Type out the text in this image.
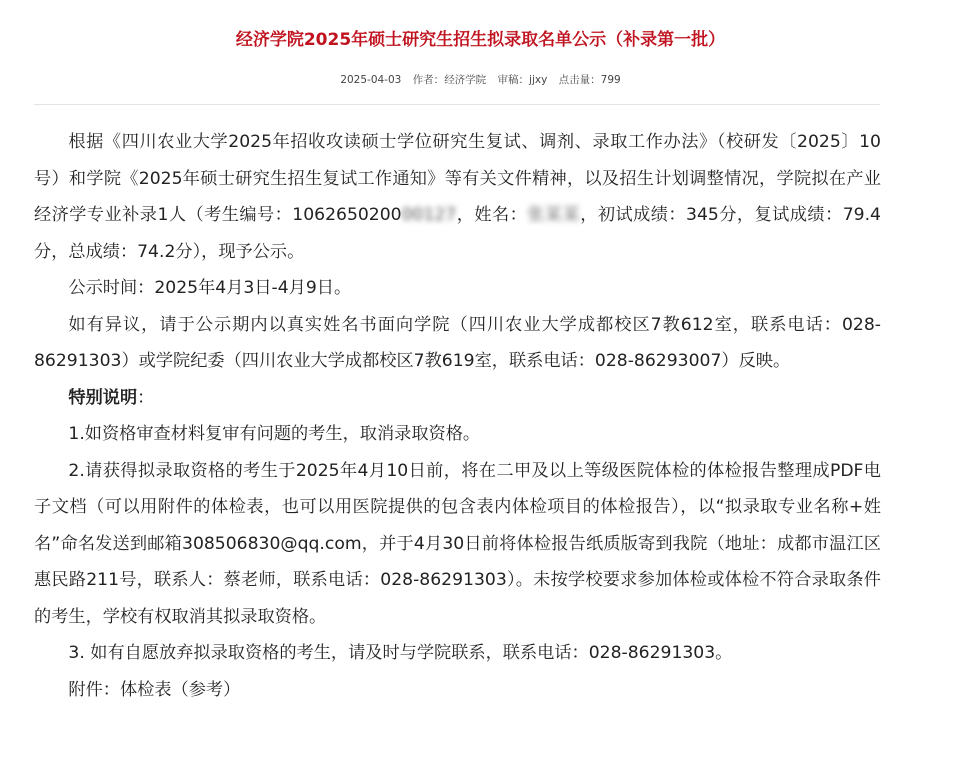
经济学院2025年硕士研究生招生拟录取名单公示（补录第一批）
2025-04-03 作者：经济学院 审稿：jjxy 点击量：799

根据《四川农业大学2025年招收攻读硕士学位研究生复试、调剂、录取工作办法》（校研发〔2025〕10号）和学院《2025年硕士研究生招生复试工作通知》等有关文件精神，以及招生计划调整情况，学院拟在产业经济学专业补录1人（考生编号：106265020000127，姓名：张某某，初试成绩：345分，复试成绩：79.4分，总成绩：74.2分），现予公示。

公示时间：2025年4月3日-4月9日。

如有异议，请于公示期内以真实姓名书面向学院（四川农业大学成都校区7教612室，联系电话：028-86291303）或学院纪委（四川农业大学成都校区7教619室，联系电话：028-86293007）反映。

特别说明：

1.如资格审查材料复审有问题的考生，取消录取资格。

2.请获得拟录取资格的考生于2025年4月10日前，将在二甲及以上等级医院体检的体检报告整理成PDF电子文档（可以用附件的体检表，也可以用医院提供的包含表内体检项目的体检报告），以“拟录取专业名称+姓名”命名发送到邮箱308506830@qq.com，并于4月30日前将体检报告纸质版寄到我院（地址：成都市温江区惠民路211号，联系人：蔡老师，联系电话：028-86291303）。未按学校要求参加体检或体检不符合录取条件的考生，学校有权取消其拟录取资格。

3. 如有自愿放弃拟录取资格的考生，请及时与学院联系，联系电话：028-86291303。

附件：体检表（参考）
